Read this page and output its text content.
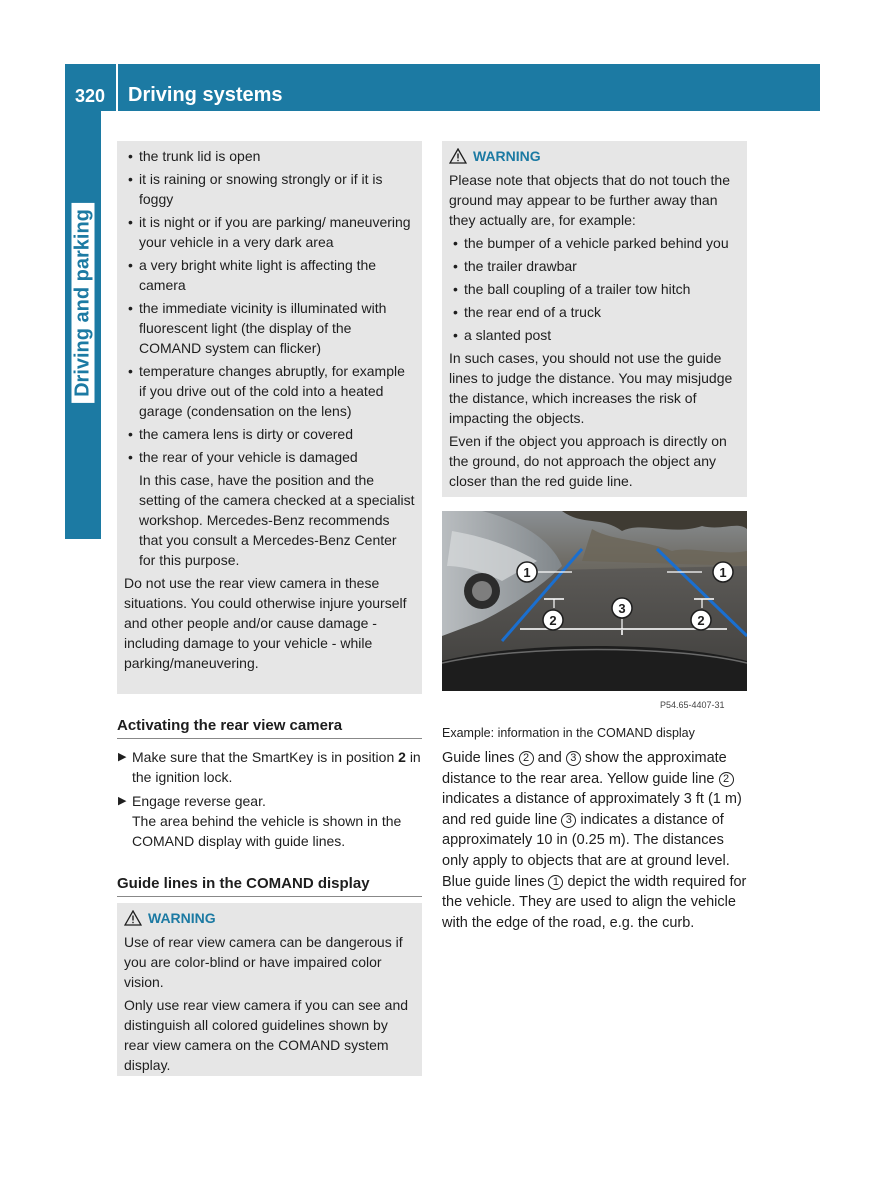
320 Driving systems
Driving and parking
• the trunk lid is open
• it is raining or snowing strongly or if it is foggy
• it is night or if you are parking/ maneuvering your vehicle in a very dark area
• a very bright white light is affecting the camera
• the immediate vicinity is illuminated with fluorescent light (the display of the COMAND system can flicker)
• temperature changes abruptly, for example if you drive out of the cold into a heated garage (condensation on the lens)
• the camera lens is dirty or covered
• the rear of your vehicle is damaged
In this case, have the position and the setting of the camera checked at a specialist workshop. Mercedes-Benz recommends that you consult a Mercedes-Benz Center for this purpose.
Do not use the rear view camera in these situations. You could otherwise injure yourself and other people and/or cause damage - including damage to your vehicle - while parking/maneuvering.
Activating the rear view camera
▶ Make sure that the SmartKey is in position 2 in the ignition lock.
▶ Engage reverse gear.
The area behind the vehicle is shown in the COMAND display with guide lines.
Guide lines in the COMAND display
WARNING
Use of rear view camera can be dangerous if you are color-blind or have impaired color vision.
Only use rear view camera if you can see and distinguish all colored guidelines shown by rear view camera on the COMAND system display.
WARNING
Please note that objects that do not touch the ground may appear to be further away than they actually are, for example:
• the bumper of a vehicle parked behind you
• the trailer drawbar
• the ball coupling of a trailer tow hitch
• the rear end of a truck
• a slanted post
In such cases, you should not use the guide lines to judge the distance. You may misjudge the distance, which increases the risk of impacting the objects.
Even if the object you approach is directly on the ground, do not approach the object any closer than the red guide line.
1	1
2	2
3
P54.65-4407-31
Example: information in the COMAND display
Guide lines 2 and 3 show the approximate distance to the rear area. Yellow guide line 2 indicates a distance of approximately 3 ft (1 m) and red guide line 3 indicates a distance of approximately 10 in (0.25 m). The distances only apply to objects that are at ground level. Blue guide lines 1 depict the width required for the vehicle. They are used to align the vehicle with the edge of the road, e.g. the curb.
